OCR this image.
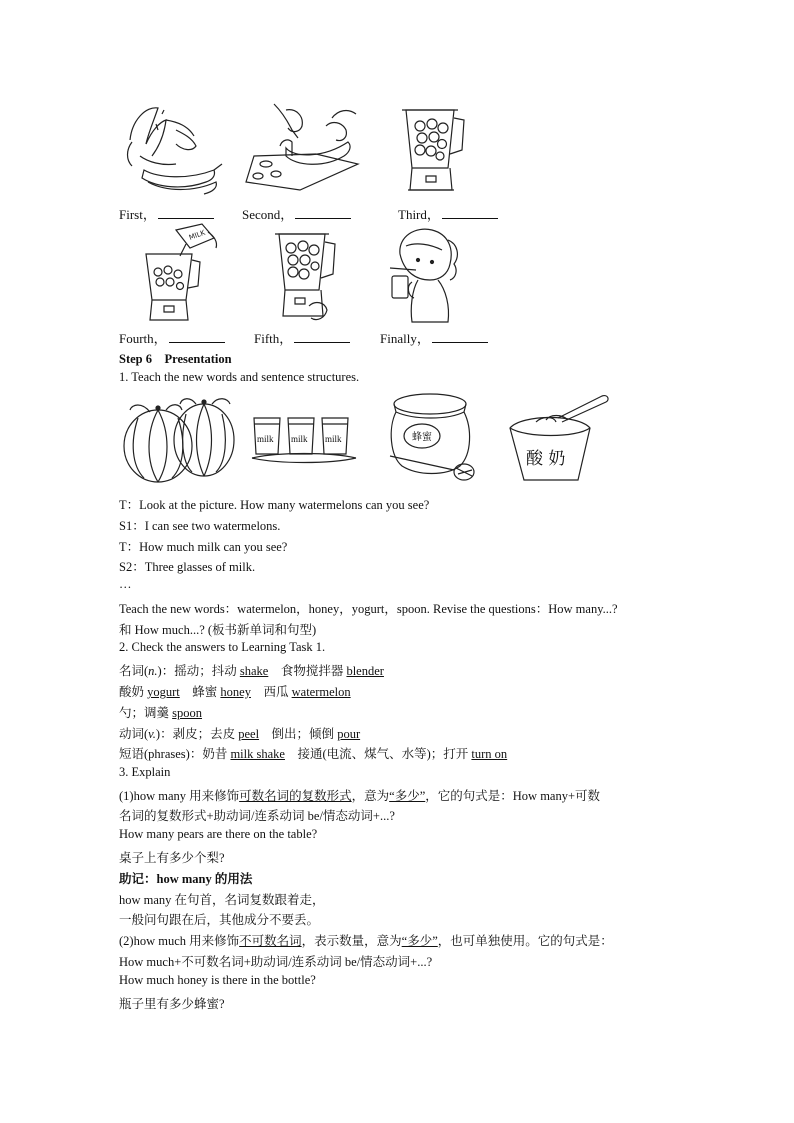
First，	Second，	Third，
MILK
Fourth，	Fifth，	Finally，
Step 6　Presentation
1. Teach the new words and sentence structures.
milk milk milk	蜂蜜
酸 奶
T：Look at the picture. How many watermelons can you see?
S1：I can see two watermelons.
T：How much milk can you see?
S2：Three glasses of milk.
…
Teach the new words：watermelon，honey，yogurt，spoon. Revise the questions：How many...?
和 How much...? (板书新单词和句型)
2. Check the answers to Learning Task 1.
名词(n.)：摇动；抖动 shake　食物搅拌器 blender
酸奶 yogurt　蜂蜜 honey　西瓜 watermelon
勺；调羹 spoon
动词(v.)：剥皮；去皮 peel　倒出；倾倒 pour
短语(phrases)：奶昔 milk shake　接通(电流、煤气、水等)；打开 turn on
3. Explain
(1)how many 用来修饰可数名词的复数形式，意为“多少”，它的句式是：How many+可数
名词的复数形式+助动词/连系动词 be/情态动词+...?
How many pears are there on the table?
桌子上有多少个梨?
助记：how many 的用法
how many 在句首，名词复数跟着走，
一般问句跟在后，其他成分不要丢。
(2)how much 用来修饰不可数名词，表示数量，意为“多少”，也可单独使用。它的句式是：
How much+不可数名词+助动词/连系动词 be/情态动词+...?
How much honey is there in the bottle?
瓶子里有多少蜂蜜?
